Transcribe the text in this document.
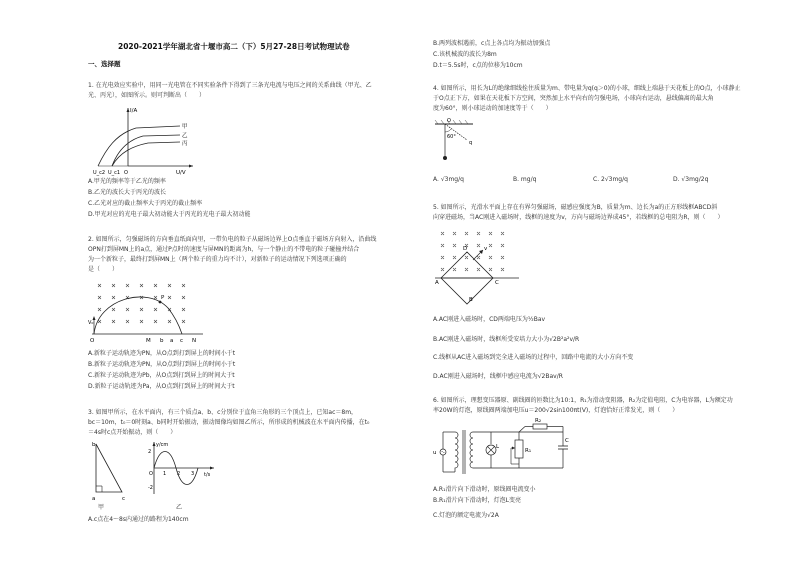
2020-2021学年湖北省十堰市高二（下）5月27-28日考试物理试卷
一、选择题
1. 在光电效应实验中，用同一光电管在不同实验条件下得到了三条光电流与电压之间的关系曲线（甲光、乙
光、丙光），如图所示。则可判断出（　　）
I/A
U/V
U_c2 U_c1 O
甲
乙
丙
A.甲光的频率等于乙光的频率
B.乙光的波长大于丙光的波长
C.乙光对应的截止频率大于丙光的截止频率
D.甲光对应的光电子最大初动能大于丙光的光电子最大初动能
2. 如图所示，匀强磁场的方向垂直纸面向里，一带负电的粒子从磁场边界上O点垂直于磁场方向射入，沿曲线
OPN打到屏MN上的a点，通过P点时的速度与屏MN的距离为h，与一个静止的不带电的粒子碰撞并结合
为一个新粒子，最终打到屏MN上（两个粒子的重力均不计），对新粒子的运动情况下列选项正确的
是（　　）
P
V₀
O	M b a c N
A.新粒子运动轨迹为PN，从O点到打到屏上的时间小于t
B.新粒子运动轨迹为PN，从O点到打到屏上的时间小于t
C.新粒子运动轨迹为Pb，从O点到打到屏上的时间大于t
D.新粒子运动轨迹为Pa，从O点到打到屏上的时间大于t
3. 如图甲所示，在水平面内，有三个质点a、b、c分别位于直角三角形的三个顶点上，已知ac＝8m，
bc＝10m，t₀＝0时刻a、b同时开始振动，振动图像均如图乙所示，所形成的机械波在水平面内传播，在t₀
＝4s时c点开始振动，则（　　）
a
b
c
y/cm
t/s
2
-2
O 1 2 3
甲	乙
A.c点在4～8s内通过的路程为140cm
B.两列波相遇前，c点上各点均为振动加强点
C.该机械波的波长为8m
D.t＝5.5s时，c点的位移为10cm
4. 如图所示，用长为L的绝缘细线拴住质量为m、带电量为q(q＞0)的小球，细线上端悬于天花板上的O点，小球静止
于O点正下方，如果在天花板下方空间，突然加上水平向右的匀强电场，小球向右运动，悬线偏离的最大角
度为60°，则小球运动的加速度等于（　　）
O
60°
q
A. √3mg/q	B. mg/q	C. 2√3mg/q	D. √3mg/2q
5. 如图所示，光滑水平面上存在有界匀强磁场，磁感应强度为B，质量为m、边长为a的正方形线框ABCD斜
向穿进磁场，当AC刚进入磁场时，线框的速度为v，方向与磁场边界成45°，若线框的总电阻为R，则（　　）
A
D
C
B
v
A.AC刚进入磁场时，CD两端电压为½Bav
B.AC刚进入磁场时，线框所受安培力大小为√2B²a²v/R
C.线框从AC进入磁场到完全进入磁场的过程中，回路中电流的大小方向不变
D.AC刚进入磁场时，线框中感应电流为√2Bav/R
6. 如图所示，理想变压器原、副线圈的匝数比为10:1，R₁为滑动变阻器，R₂为定值电阻，C为电容器，L为额定功
率20W的灯泡，原线圈两端加电压u＝200√2sin100πt(V)，灯泡恰好正常发光，则（　　）
u
L
R₁
R₂
C
A.R₁滑片向下滑动时，原线圈电流变小
B.R₁滑片向下滑动时，灯泡L变亮
C.灯泡的额定电流为√2A
